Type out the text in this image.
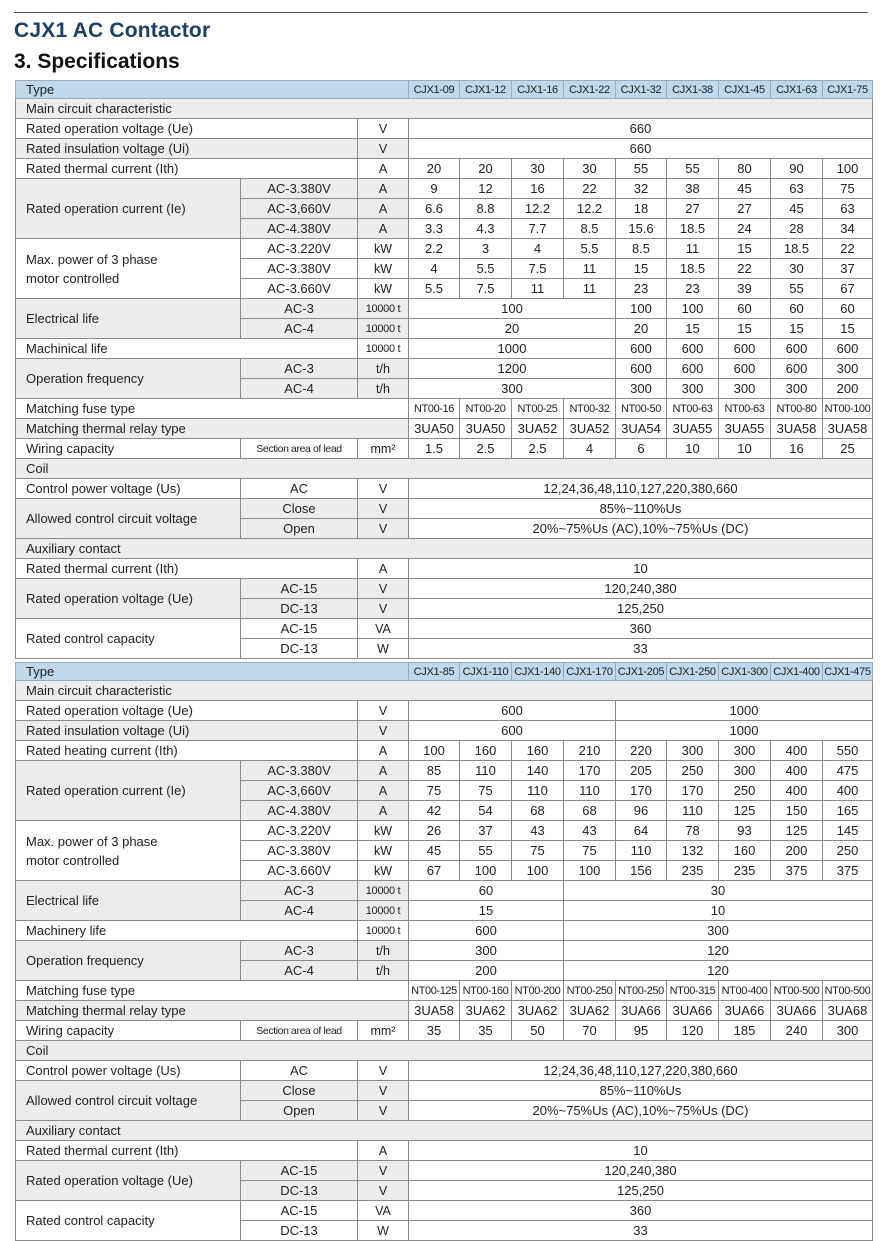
CJX1 AC Contactor
3. Specifications
Type			CJX1-09	CJX1-12	CJX1-16	CJX1-22	CJX1-32	CJX1-38	CJX1-45	CJX1-63	CJX1-75
Main circuit characteristic											
Rated operation voltage (Ue)		V	660								
Rated insulation voltage (Ui)		V	660								
Rated thermal current (Ith)		A	20	20	30	30	55	55	80	90	100
Rated operation current (Ie)	AC-3.380V	A	9	12	16	22	32	38	45	63	75
	AC-3,660V	A	6.6	8.8	12.2	12.2	18	27	27	45	63
	AC-4.380V	A	3.3	4.3	7.7	8.5	15.6	18.5	24	28	34
Max. power of 3 phase
motor controlled	AC-3.220V	kW	2.2	3	4	5.5	8.5	11	15	18.5	22
	AC-3.380V	kW	4	5.5	7.5	11	15	18.5	22	30	37
	AC-3.660V	kW	5.5	7.5	11	11	23	23	39	55	67
Electrical life	AC-3	10000 t	100				100	100	60	60	60
	AC-4	10000 t	20				20	15	15	15	15
Machinical life		10000 t	1000				600	600	600	600	600
Operation frequency	AC-3	t/h	1200				600	600	600	600	300
	AC-4	t/h	300				300	300	300	300	200
Matching fuse type			NT00-16	NT00-20	NT00-25	NT00-32	NT00-50	NT00-63	NT00-63	NT00-80	NT00-100
Matching thermal relay type			3UA50	3UA50	3UA52	3UA52	3UA54	3UA55	3UA55	3UA58	3UA58
Wiring capacity	Section area of lead	mm²	1.5	2.5	2.5	4	6	10	10	16	25
Coil											
Control power voltage (Us)	AC	V	12,24,36,48,110,127,220,380,660								
Allowed control circuit voltage	Close	V	85%~110%Us								
	Open	V	20%~75%Us (AC),10%~75%Us (DC)								
Auxiliary contact											
Rated thermal current (Ith)		A	10								
Rated operation voltage (Ue)	AC-15	V	120,240,380								
	DC-13	V	125,250								
Rated control capacity	AC-15	VA	360								
	DC-13	W	33								
Type			CJX1-85	CJX1-110	CJX1-140	CJX1-170	CJX1-205	CJX1-250	CJX1-300	CJX1-400	CJX1-475
Main circuit characteristic											
Rated operation voltage (Ue)		V	600				1000				
Rated insulation voltage (Ui)		V	600				1000				
Rated heating current (Ith)		A	100	160	160	210	220	300	300	400	550
Rated operation current (Ie)	AC-3.380V	A	85	110	140	170	205	250	300	400	475
	AC-3,660V	A	75	75	110	110	170	170	250	400	400
	AC-4.380V	A	42	54	68	68	96	110	125	150	165
Max. power of 3 phase
motor controlled	AC-3.220V	kW	26	37	43	43	64	78	93	125	145
	AC-3.380V	kW	45	55	75	75	110	132	160	200	250
	AC-3.660V	kW	67	100	100	100	156	235	235	375	375
Electrical life	AC-3	10000 t	60			30					
	AC-4	10000 t	15			10					
Machinery life		10000 t	600			300					
Operation frequency	AC-3	t/h	300			120					
	AC-4	t/h	200			120					
Matching fuse type			NT00-125	NT00-160	NT00-200	NT00-250	NT00-250	NT00-315	NT00-400	NT00-500	NT00-500
Matching thermal relay type			3UA58	3UA62	3UA62	3UA62	3UA66	3UA66	3UA66	3UA66	3UA68
Wiring capacity	Section area of lead	mm²	35	35	50	70	95	120	185	240	300
Coil											
Control power voltage (Us)	AC	V	12,24,36,48,110,127,220,380,660								
Allowed control circuit voltage	Close	V	85%~110%Us								
	Open	V	20%~75%Us (AC),10%~75%Us (DC)								
Auxiliary contact											
Rated thermal current (Ith)		A	10								
Rated operation voltage (Ue)	AC-15	V	120,240,380								
	DC-13	V	125,250								
Rated control capacity	AC-15	VA	360								
	DC-13	W	33								
